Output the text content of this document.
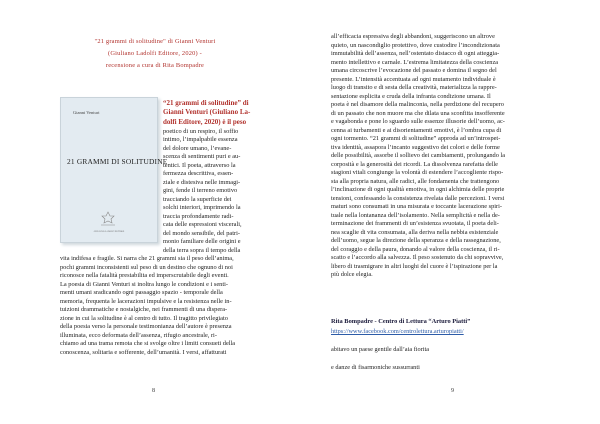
"21 grammi di solitudine" di Gianni Venturi
(Giuliano Ladolfi Editore, 2020) -
recensione a cura di Rita Bompadre
Gianni Venturi
21 GRAMMI DI SOLITUDINE
GIULIANO LADOLFI EDITORE
“21 grammi di solitudine” di
Gianni Venturi (Giuliano La-
dolfi Editore, 2020) è il peso
poetico di un respiro, il soffio
intimo, l’impalpabile essenza
del dolore umano, l’evane-
scenza di sentimenti puri e au-
tentici. Il poeta, attraverso la
fermezza descrittiva, essen-
ziale e distesiva nelle immagi-
gini, fende il terreno emotivo
tracciando la superficie dei
solchi interiori, imprimendo la
traccia profondamente radi-
cata delle espressioni viscerali,
del mondo sensibile, del patri-
monio familiare delle origini e
della terra sopra il tempo della
vita indifesa e fragile. Si narra che 21 grammi sia il peso dell’anima,
pochi grammi inconsistenti sul peso di un destino che ognuno di noi
riconosce nella fatalità prestabilita ed imperscrutabile degli eventi.
La poesia di Gianni Venturi si inoltra lungo le condizioni e i senti-
menti umani sradicando ogni passaggio spazio - temporale della
memoria, frequenta le lacerazioni impulsive e la resistenza nelle in-
tuizioni drammatiche e nostalgiche, nei frammenti di una dispera-
zione in cui la solitudine è al centro di tutto. Il tragitto privilegiato
della poesia verso la personale testimonianza dell’autore è presenza
illuminata, ecco deformata dell’assenza, rifugio ancestrale, ri-
chiamo ad una trama remota che si svolge oltre i limiti consueti della
conoscenza, solitaria e sofferente, dell’umanità. I versi, affatturati
8
all’efficacia espressiva degli abbandoni, suggeriscono un altrove
quieto, un nascondiglio protettivo, dove custodire l’incondizionata
immutabilità dell’assenza, nell’ostentato distacco di ogni atteggia-
mento intellettivo e carnale. L’estrema limitatezza della coscienza
umana circoscrive l’evocazione del passato e domina il segno del
presente. L’intensità accentuata ad ogni mutamento individuale è
luogo di transito e di sesta della creatività, materializza la rappre-
sentazione esplicita e cruda della infranta condizione umana. Il
poeta è nel disamore della malinconia, nella perdizione del recupero
di un passato che non muore ma che dilata una sconfitta insofferente
e vagabonda e pone lo sguardo sulle essenze illusorie dell’uomo, ac-
cenna ai turbamenti e ai disorientamenti emotivi, è l’ombra cupa di
ogni tormento. “21 grammi di solitudine” approda ad un’introspet-
tiva identità, assapora l’incanto suggestivo dei colori e delle forme
delle possibilità, assorbe il sollievo dei cambiamenti, prolungando la
corposità e la generosità dei ricordi. La dissolvenza rarefatta delle
stagioni vitali congiunge la volontà di estendere l’accogliente rispo-
sta alla propria natura, alle radici, alle fondamenta che trattengono
l’inclinazione di ogni qualità emotiva, in ogni alchimia delle proprie
tensioni, confessando la consistenza rivelata dalle percezioni. I versi
maturi sono consumati in una misurata e toccante lacerazione spiri-
tuale nella lontananza dell’isolamento. Nella semplicità e nella de-
terminazione dei frammenti di un’esistenza svuotata, il poeta deli-
nea scaglie di vita consumata, alla deriva nella nebbia esistenziale
dell’uomo, segue la direzione della speranza e della rassegnazione,
del coraggio e della paura, donando al valore della coscienza, il ri-
scatto e l’accordo alla salvezza. Il peso sostenuto da chi sopravvive,
libero di trasmigrare in altri luoghi del cuore è l’ispirazione per la
più dolce elegia.
Rita Bompadre - Centro di Lettura “Arturo Piatti”
https://www.facebook.com/centrolettura.arturopiatti/
abitavo un paese gentile dall’aia fiorita
e danze di fisarmoniche sussurranti
9
